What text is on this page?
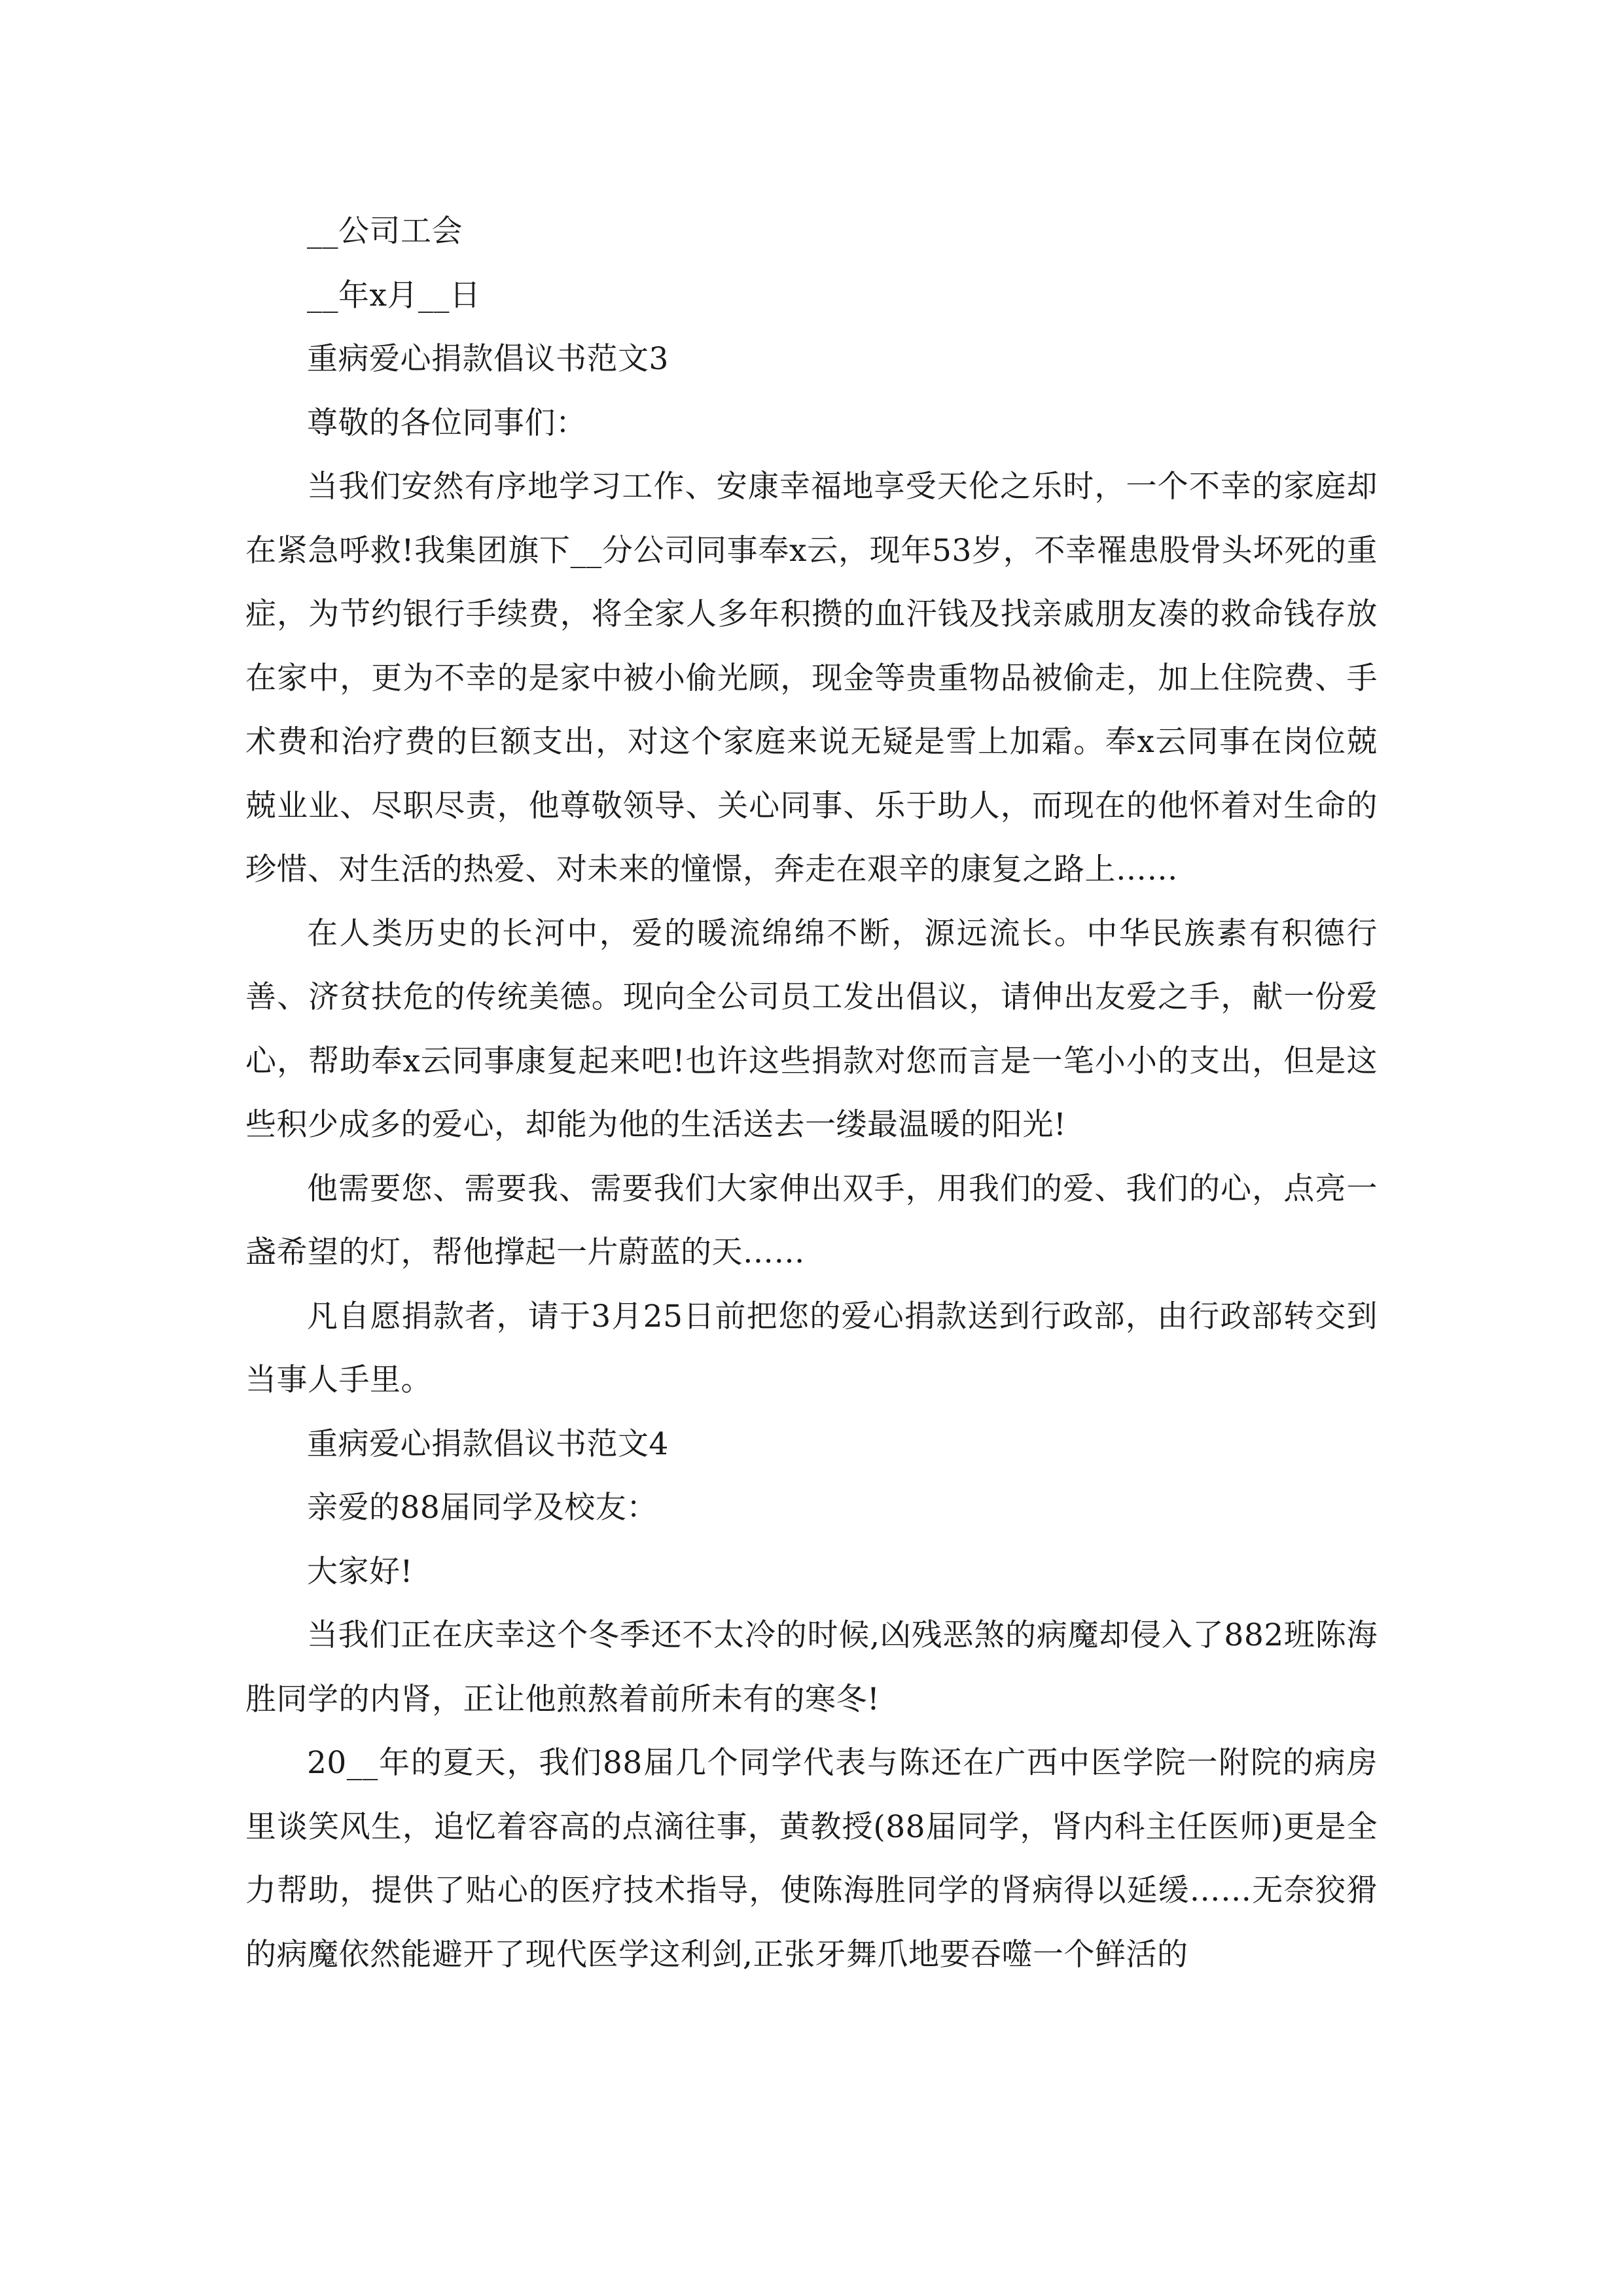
__公司工会

__年x月__日

重病爱心捐款倡议书范文3

尊敬的各位同事们：

当我们安然有序地学习工作、安康幸福地享受天伦之乐时，一个不幸的家庭却在紧急呼救!我集团旗下__分公司同事奉x云，现年53岁，不幸罹患股骨头坏死的重症，为节约银行手续费，将全家人多年积攒的血汗钱及找亲戚朋友凑的救命钱存放在家中，更为不幸的是家中被小偷光顾，现金等贵重物品被偷走，加上住院费、手术费和治疗费的巨额支出，对这个家庭来说无疑是雪上加霜。奉x云同事在岗位兢兢业业、尽职尽责，他尊敬领导、关心同事、乐于助人，而现在的他怀着对生命的珍惜、对生活的热爱、对未来的憧憬，奔走在艰辛的康复之路上……

在人类历史的长河中，爱的暖流绵绵不断，源远流长。中华民族素有积德行善、济贫扶危的传统美德。现向全公司员工发出倡议，请伸出友爱之手，献一份爱心，帮助奉x云同事康复起来吧!也许这些捐款对您而言是一笔小小的支出，但是这些积少成多的爱心，却能为他的生活送去一缕最温暖的阳光!

他需要您、需要我、需要我们大家伸出双手，用我们的爱、我们的心，点亮一盏希望的灯，帮他撑起一片蔚蓝的天……

凡自愿捐款者，请于3月25日前把您的爱心捐款送到行政部，由行政部转交到当事人手里。

重病爱心捐款倡议书范文4

亲爱的88届同学及校友：

大家好!

当我们正在庆幸这个冬季还不太冷的时候,凶残恶煞的病魔却侵入了882班陈海胜同学的内肾，正让他煎熬着前所未有的寒冬!

20__年的夏天，我们88届几个同学代表与陈还在广西中医学院一附院的病房里谈笑风生，追忆着容高的点滴往事，黄教授(88届同学，肾内科主任医师)更是全力帮助，提供了贴心的医疗技术指导，使陈海胜同学的肾病得以延缓……无奈狡猾的病魔依然能避开了现代医学这利剑,正张牙舞爪地要吞噬一个鲜活的
